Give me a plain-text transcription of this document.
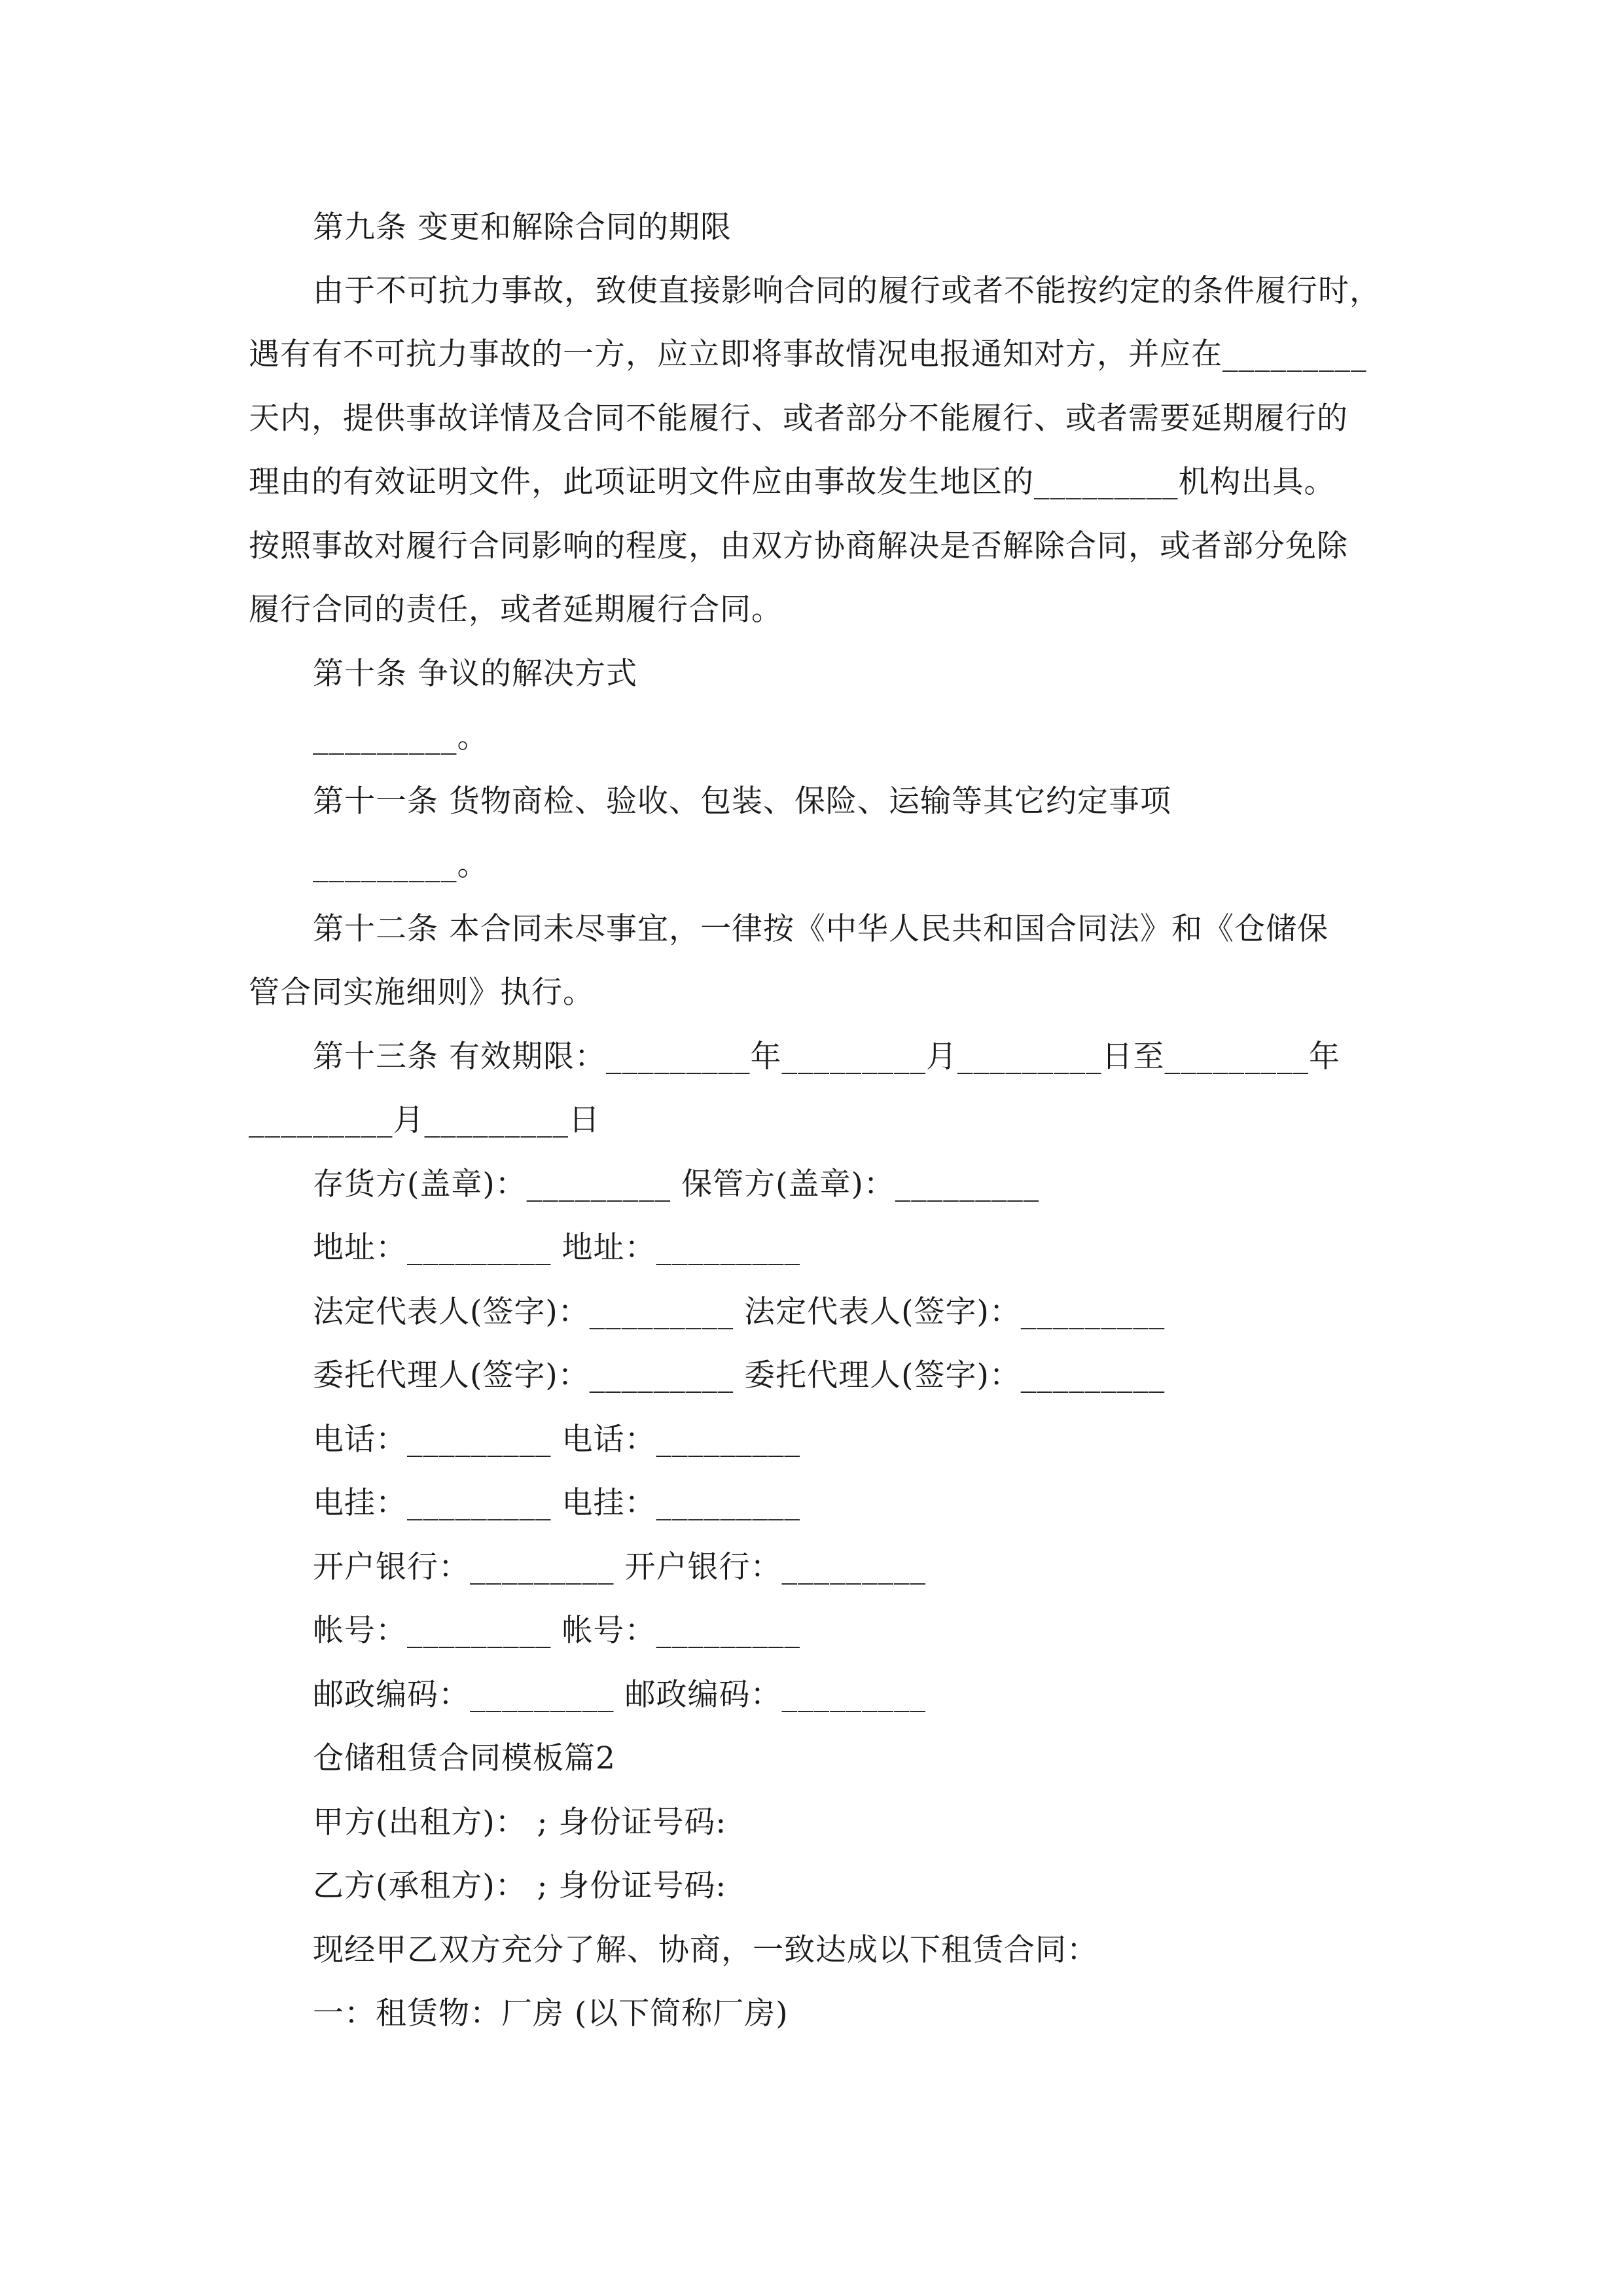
第九条 变更和解除合同的期限
由于不可抗力事故，致使直接影响合同的履行或者不能按约定的条件履行时，
遇有有不可抗力事故的一方，应立即将事故情况电报通知对方，并应在_________
天内，提供事故详情及合同不能履行、或者部分不能履行、或者需要延期履行的
理由的有效证明文件，此项证明文件应由事故发生地区的_________机构出具。
按照事故对履行合同影响的程度，由双方协商解决是否解除合同，或者部分免除
履行合同的责任，或者延期履行合同。
第十条 争议的解决方式
_________。
第十一条 货物商检、验收、包装、保险、运输等其它约定事项
_________。
第十二条 本合同未尽事宜，一律按《中华人民共和国合同法》和《仓储保
管合同实施细则》执行。
第十三条 有效期限：_________年_________月_________日至_________年
_________月_________日
存货方(盖章)：_________ 保管方(盖章)：_________
地址：_________ 地址：_________
法定代表人(签字)：_________ 法定代表人(签字)：_________
委托代理人(签字)：_________ 委托代理人(签字)：_________
电话：_________ 电话：_________
电挂：_________ 电挂：_________
开户银行：_________ 开户银行：_________
帐号：_________ 帐号：_________
邮政编码：_________ 邮政编码：_________
仓储租赁合同模板篇2
甲方(出租方)： ; 身份证号码:
乙方(承租方)： ; 身份证号码:
现经甲乙双方充分了解、协商，一致达成以下租赁合同：
一：租赁物：厂房 (以下简称厂房)
